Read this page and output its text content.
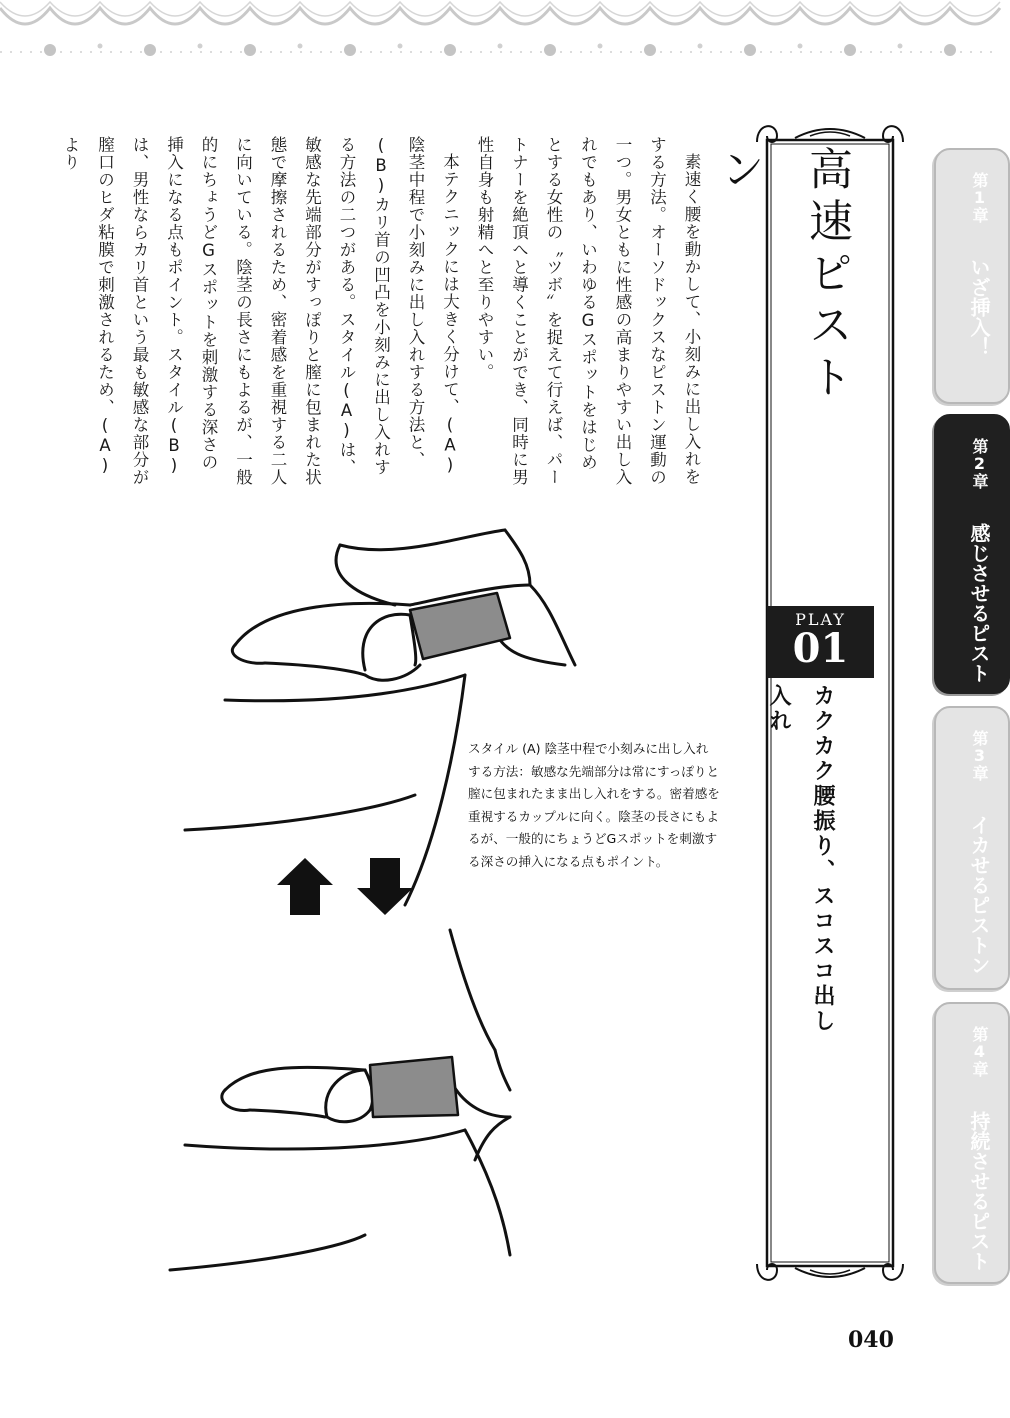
第1章 いざ挿入！
第2章 感じさせるピストン
第3章 イカせるピストン
第4章 持続させるピストン
高速ピストン
PLAY
01
カクカク腰振り、スコスコ出し入れ

素速く腰を動かして、小刻みに出し入れをする方法。オーソドックスなピストン運動の一つ。男女ともに性感の高まりやすい出し入れでもあり、いわゆるGスポットをはじめとする女性の〝ツボ〟を捉えて行えば、パートナーを絶頂へと導くことができ、同時に男性自身も射精へと至りやすい。

本テクニックには大きく分けて、(A)陰茎中程で小刻みに出し入れする方法と、(B)カリ首の凹凸を小刻みに出し入れする方法の二つがある。スタイル(A)は、敏感な先端部分がすっぽりと膣に包まれた状態で摩擦されるため、密着感を重視する二人に向いている。陰茎の長さにもよるが、一般的にちょうどGスポットを刺激する深さの挿入になる点もポイント。スタイル(B)は、男性ならカリ首という最も敏感な部分が膣口のヒダ粘膜で刺激されるため、(A)より

スタイル (A) 陰茎中程で小刻みに出し入れする方法：敏感な先端部分は常にすっぽりと膣に包まれたまま出し入れをする。密着感を重視するカップルに向く。陰茎の長さにもよるが、一般的にちょうどGスポットを刺激する深さの挿入になる点もポイント。
040
